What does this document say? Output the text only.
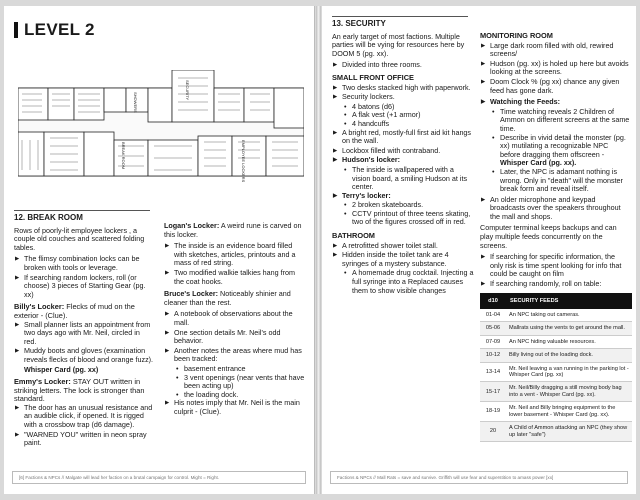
LEVEL 2
SECURITY
SHOWERS
BREAK ROOM	EMPLOYEE LOCKERS
12. BREAK ROOM

Rows of poorly-lit employee lockers , a couple old couches and scattered folding tables.

▶ The flimsy combination locks can be broken with tools or leverage.
▶ If searching random lockers, roll (or choose) 3 pieces of Starting Gear (pg. xx)
Billy's Locker: Flecks of mud on the exterior - (Clue).
▶ Small planner lists an appointment from two days ago with Mr. Neil, circled in red.
▶ Muddy boots and gloves (examination reveals flecks of blood and orange fuzz).
Whisper Card (pg. xx)
Emmy's Locker: STAY OUT written in striking letters. The lock is stronger than standard.
▶ The door has an unusual resistance and an audible click, if opened. It is rigged with a crossbow trap (d6 damage).
▶ "WARNED YOU" written in neon spray paint.

Logan's Locker: A weird rune is carved on this locker.

▶ The inside is an evidence board filled with sketches, articles, printouts and a mass of red string.
▶ Two modified walkie talkies hang from the coat hooks.

Bruce's Locker: Noticeably shinier and cleaner than the rest.

▶ A notebook of observations about the mall.
▶ One section details Mr. Neil's odd behavior.
▶ Another notes the areas where mud has been tracked:
• basement entrance
• 3 vent openings (near vents that have been acting up)
• the loading dock.
▶ His notes imply that Mr. Neil is the main culprit - (Clue).
[6] Factions & NPCs // Malgate will lead her faction on a brutal campaign for control. Might = Right.
13. SECURITY

An early target of most factions. Multiple parties will be vying for resources here by DOOM 5 (pg. xx).

▶ Divided into three rooms.
SMALL FRONT OFFICE
▶ Two desks stacked high with paperwork.
▶ Security lockers.
• 4 batons (d6)
• A flak vest (+1 armor)
• 4 handcuffs
▶ A bright red, mostly-full first aid kit hangs on the wall.
▶ Lockbox filled with contraband.
▶ Hudson's locker:
• The inside is wallpapered with a vision board, a smiling Hudson at its center.
▶ Terry's locker:
• 2 broken skateboards.
• CCTV printout of three teens skating, two of the figures crossed off in red.
BATHROOM
▶ A retrofitted shower toilet stall.
▶ Hidden inside the toilet tank are 4 syringes of a mystery substance.
• A homemade drug cocktail. Injecting a full syringe into a Replaced causes them to show visible changes
MONITORING ROOM
▶ Large dark room filled with old, rewired screens/
▶ Hudson (pg. xx) is holed up here but avoids looking at the screens.
▶ Doom Clock % (pg xx) chance any given feed has gone dark.
▶ Watching the Feeds:
• Time watching reveals 2 Children of Ammon on different screens at the same time.
• Describe in vivid detail the monster (pg. xx) mutilating a recognizable NPC before dragging them offscreen -
Whisper Card (pg. xx).
• Later, the NPC is adamant nothing is wrong. Only in "death" will the monster break form and reveal itself.
▶ An older microphone and keypad broadcasts over the speakers throughout the mall and shops.

Computer terminal keeps backups and can play multiple feeds concurrently on the screens.

▶ If searching for specific information, the only risk is time spent looking for info that could be caught on film
▶ If searching randomly, roll on table:
d10	SECURITY FEEDS
01-04	An NPC taking out cameras.
05-06	Mallrats using the vents to get around the mall.
07-09	An NPC hiding valuable resources.
10-12	Billy living out of the loading dock.
13-14	Mr. Neil leaving a van running in the parking lot - Whisper Card (pg. xx)
15-17	Mr. Neil/Billy dragging a still moving body bag into a vent - Whisper Card (pg. xx).
18-19	Mr. Neil and Billy bringing equipment to the lower basement - Whisper Card (pg. xx).
20	A Child of Ammon attacking an NPC (they show up later "safe")
Factions & NPCs // Mall Rats = save and survive. Griffith will use fear and superstition to amass power [xx]
